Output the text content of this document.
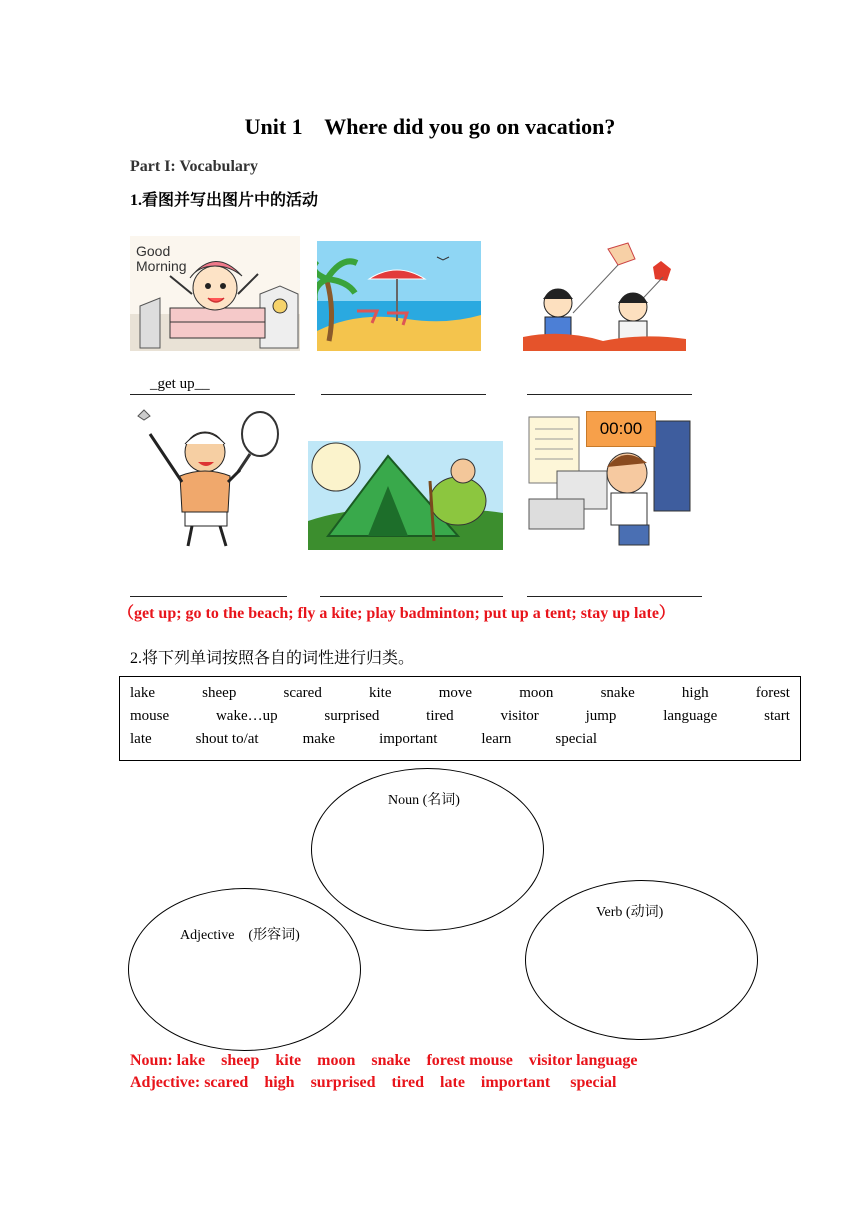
Unit 1    Where did you go on vacation?
Part I: Vocabulary
1.看图并写出图片中的活动
Good Morning
_get up__
00:00
（get up; go to the beach; fly a kite; play badminton; put up a tent; stay up late）
2.将下列单词按照各自的词性进行归类。
lake	sheep	scared	kite	move	moon	snake	high	forest
mouse	wake…up	surprised	tired	visitor	jump	language	start
late	shout to/at	make	important	learn	special
Noun (名词)
Verb (动词)
Adjective    (形容词)
Noun: lake    sheep    kite    moon    snake    forest mouse    visitor language
Adjective: scared    high    surprised    tired    late    important     special
